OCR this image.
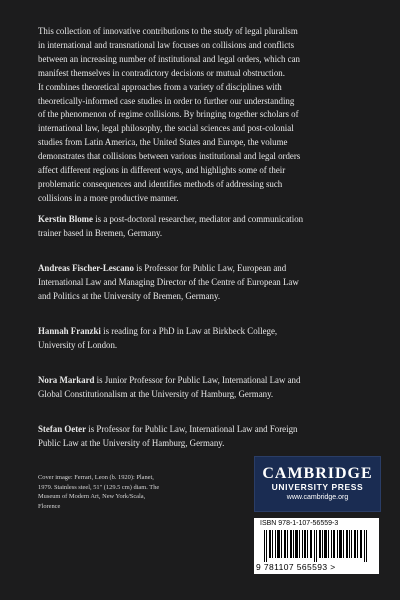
This collection of innovative contributions to the study of legal pluralism
in international and transnational law focuses on collisions and conflicts
between an increasing number of institutional and legal orders, which can
manifest themselves in contradictory decisions or mutual obstruction.
It combines theoretical approaches from a variety of disciplines with
theoretically-informed case studies in order to further our understanding
of the phenomenon of regime collisions. By bringing together scholars of
international law, legal philosophy, the social sciences and post-colonial
studies from Latin America, the United States and Europe, the volume
demonstrates that collisions between various institutional and legal orders
affect different regions in different ways, and highlights some of their
problematic consequences and identifies methods of addressing such
collisions in a more productive manner.

Kerstin Blome is a post-doctoral researcher, mediator and communication
trainer based in Bremen, Germany.

Andreas Fischer-Lescano is Professor for Public Law, European and
International Law and Managing Director of the Centre of European Law
and Politics at the University of Bremen, Germany.

Hannah Franzki is reading for a PhD in Law at Birkbeck College,
University of London.

Nora Markard is Junior Professor for Public Law, International Law and
Global Constitutionalism at the University of Hamburg, Germany.

Stefan Oeter is Professor for Public Law, International Law and Foreign
Public Law at the University of Hamburg, Germany.

Cover image: Ferrari, Leon (b. 1920): Planet,
1979. Stainless steel, 51" (129.5 cm) diam. The
Museum of Modern Art, New York/Scala,
Florence

CAMBRIDGE
UNIVERSITY PRESS
www.cambridge.org
ISBN 978-1-107-56559-3
9 781107 565593 >
